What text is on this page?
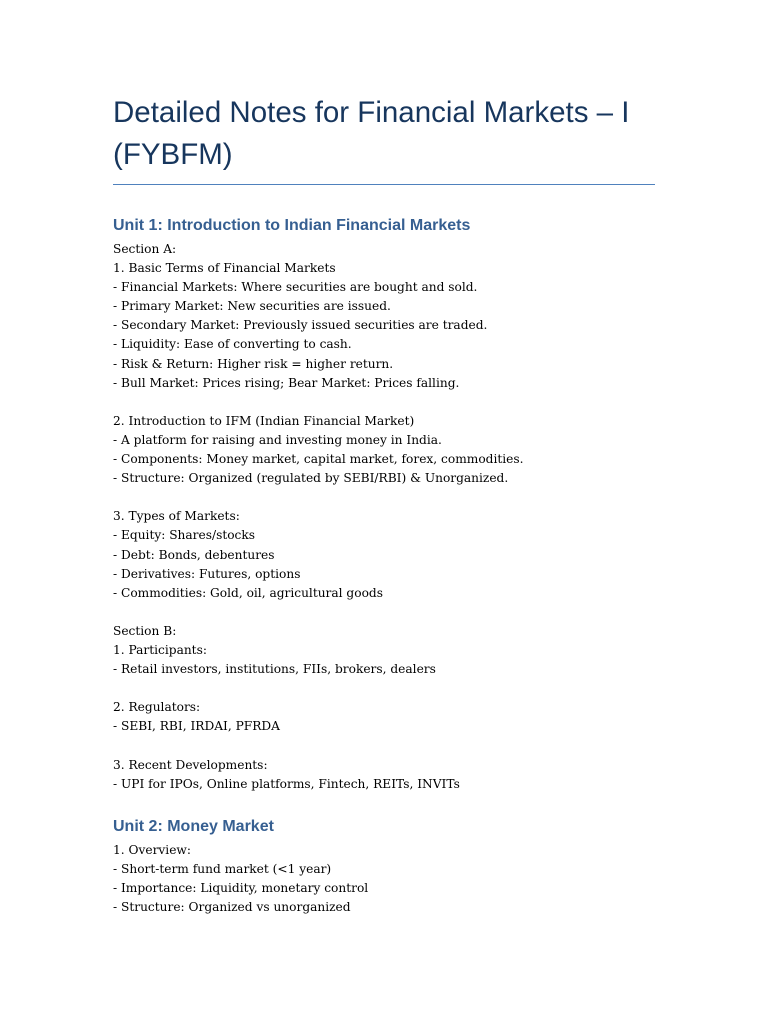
Detailed Notes for Financial Markets – I (FYBFM)
Unit 1: Introduction to Indian Financial Markets
Section A:
1. Basic Terms of Financial Markets
- Financial Markets: Where securities are bought and sold.
- Primary Market: New securities are issued.
- Secondary Market: Previously issued securities are traded.
- Liquidity: Ease of converting to cash.
- Risk & Return: Higher risk = higher return.
- Bull Market: Prices rising; Bear Market: Prices falling.
2. Introduction to IFM (Indian Financial Market)
- A platform for raising and investing money in India.
- Components: Money market, capital market, forex, commodities.
- Structure: Organized (regulated by SEBI/RBI) & Unorganized.
3. Types of Markets:
- Equity: Shares/stocks
- Debt: Bonds, debentures
- Derivatives: Futures, options
- Commodities: Gold, oil, agricultural goods
Section B:
1. Participants:
- Retail investors, institutions, FIIs, brokers, dealers
2. Regulators:
- SEBI, RBI, IRDAI, PFRDA
3. Recent Developments:
- UPI for IPOs, Online platforms, Fintech, REITs, INVITs
Unit 2: Money Market
1. Overview:
- Short-term fund market (<1 year)
- Importance: Liquidity, monetary control
- Structure: Organized vs unorganized
